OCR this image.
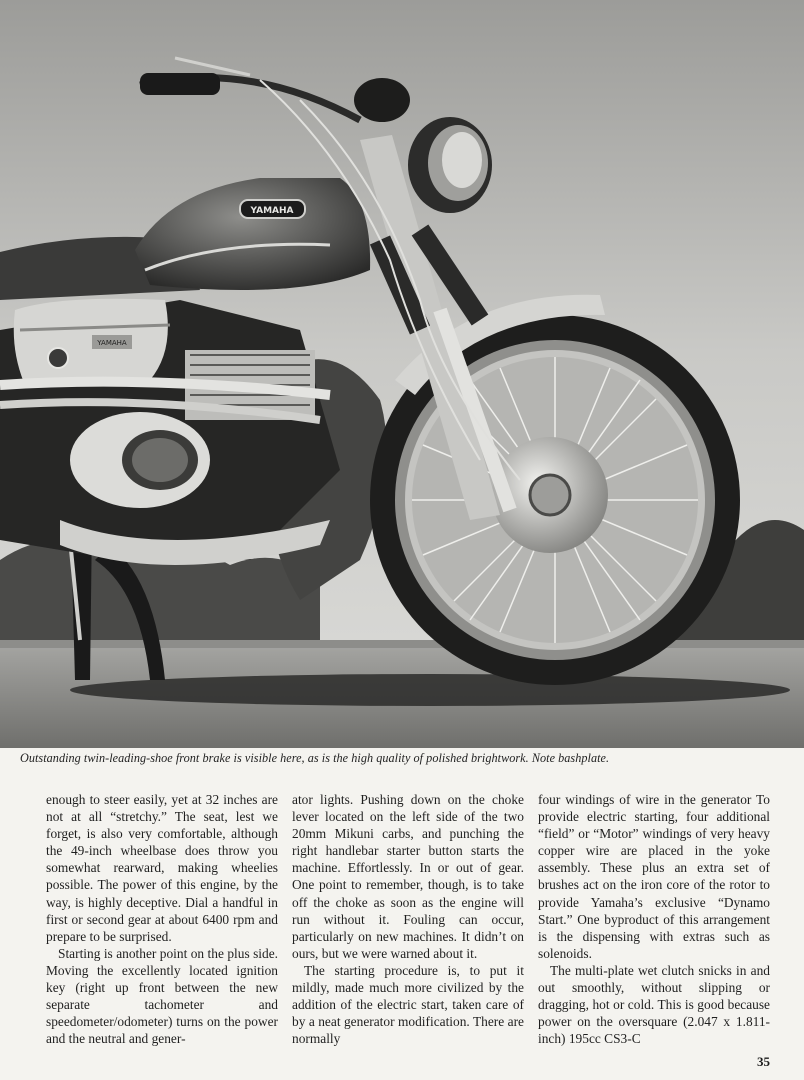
YAMAHA
YAMAHA
Outstanding twin-leading-shoe front brake is visible here, as is the high quality of polished brightwork. Note bashplate.

enough to steer easily, yet at 32 inches are not at all “stretchy.” The seat, lest we forget, is also very comfortable, although the 49-inch wheelbase does throw you somewhat rearward, making wheelies possible. The power of this engine, by the way, is highly deceptive. Dial a handful in first or second gear at about 6400 rpm and prepare to be surprised.

Starting is another point on the plus side. Moving the excellently located ignition key (right up front between the new separate tachometer and speedometer/odometer) turns on the power and the neutral and gener-

ator lights. Pushing down on the choke lever located on the left side of the two 20mm Mikuni carbs, and punching the right handlebar starter button starts the machine. Effortlessly. In or out of gear. One point to remember, though, is to take off the choke as soon as the engine will run without it. Fouling can occur, particularly on new machines. It didn’t on ours, but we were warned about it.

The starting procedure is, to put it mildly, made much more civilized by the addition of the electric start, taken care of by a neat generator modification. There are normally

four windings of wire in the generator To provide electric starting, four additional “field” or “Motor” windings of very heavy copper wire are placed in the yoke assembly. These plus an extra set of brushes act on the iron core of the rotor to provide Yamaha’s exclusive “Dynamo Start.” One byproduct of this arrangement is the dispensing with extras such as solenoids.

The multi-plate wet clutch snicks in and out smoothly, without slipping or dragging, hot or cold. This is good because power on the oversquare (2.047 x 1.811-inch) 195cc CS3-C

35
